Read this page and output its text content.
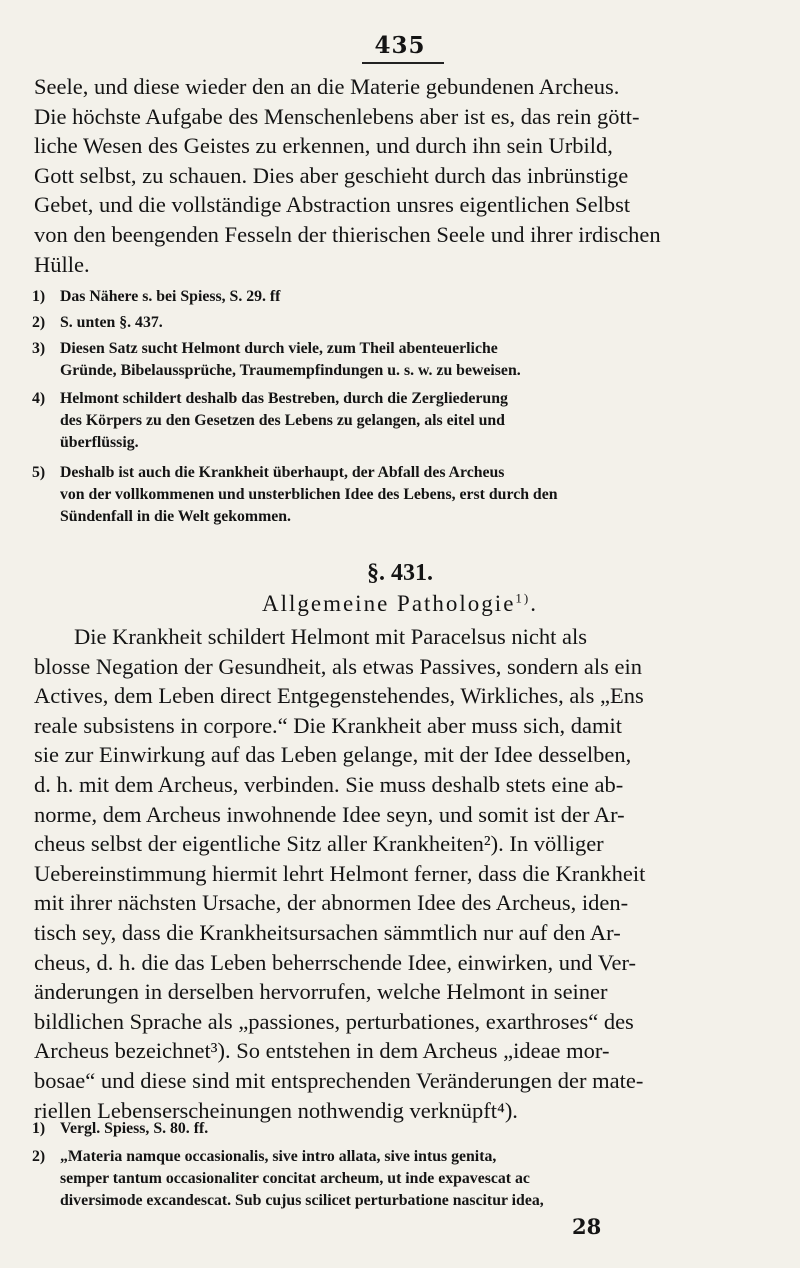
435
Seele, und diese wieder den an die Materie gebundenen Archeus.
Die höchste Aufgabe des Menschenlebens aber ist es, das rein gött-
liche Wesen des Geistes zu erkennen, und durch ihn sein Urbild,
Gott selbst, zu schauen. Dies aber geschieht durch das inbrünstige
Gebet, und die vollständige Abstraction unsres eigentlichen Selbst
von den beengenden Fesseln der thierischen Seele und ihrer irdischen
Hülle.
1) Das Nähere s. bei Spiess, S. 29. ff
2) S. unten §. 437.
3) Diesen Satz sucht Helmont durch viele, zum Theil abenteuerliche
Gründe, Bibelaussprüche, Traumempfindungen u. s. w. zu beweisen.
4) Helmont schildert deshalb das Bestreben, durch die Zergliederung
des Körpers zu den Gesetzen des Lebens zu gelangen, als eitel und
überflüssig.
5) Deshalb ist auch die Krankheit überhaupt, der Abfall des Archeus
von der vollkommenen und unsterblichen Idee des Lebens, erst durch den
Sündenfall in die Welt gekommen.
§. 431.
Allgemeine Pathologie$^{1)}$.
Die Krankheit schildert Helmont mit Paracelsus nicht als
blosse Negation der Gesundheit, als etwas Passives, sondern als ein
Actives, dem Leben direct Entgegenstehendes, Wirkliches, als „Ens
reale subsistens in corpore.“ Die Krankheit aber muss sich, damit
sie zur Einwirkung auf das Leben gelange, mit der Idee desselben,
d. h. mit dem Archeus, verbinden. Sie muss deshalb stets eine ab-
norme, dem Archeus inwohnende Idee seyn, und somit ist der Ar-
cheus selbst der eigentliche Sitz aller Krankheiten²). In völliger
Uebereinstimmung hiermit lehrt Helmont ferner, dass die Krankheit
mit ihrer nächsten Ursache, der abnormen Idee des Archeus, iden-
tisch sey, dass die Krankheitsursachen sämmtlich nur auf den Ar-
cheus, d. h. die das Leben beherrschende Idee, einwirken, und Ver-
änderungen in derselben hervorrufen, welche Helmont in seiner
bildlichen Sprache als „passiones, perturbationes, exarthroses“ des
Archeus bezeichnet³). So entstehen in dem Archeus „ideae mor-
bosae“ und diese sind mit entsprechenden Veränderungen der mate-
riellen Lebenserscheinungen nothwendig verknüpft⁴).
1) Vergl. Spiess, S. 80. ff.
2) „Materia namque occasionalis, sive intro allata, sive intus genita,
semper tantum occasionaliter concitat archeum, ut inde expavescat ac
diversimode excandescat. Sub cujus scilicet perturbatione nascitur idea,
28
